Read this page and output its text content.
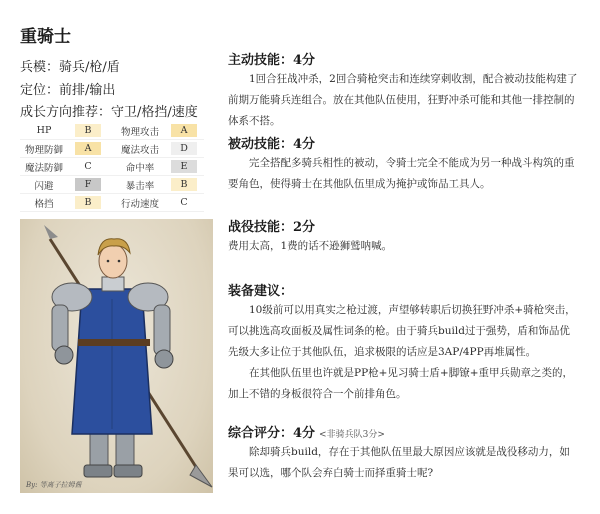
重骑士
兵模：骑兵/枪/盾
定位：前排/输出
成长方向推荐：守卫/格挡/速度
HP	B		物理攻击	A
物理防御	A		魔法攻击	D
魔法防御	C		命中率	E
闪避	F		暴击率	B
格挡	B		行动速度	C
By: 等离子拉姆酱
主动技能：4分
1回合狂战冲杀，2回合骑枪突击和连续穿刺收割，配合被动技能构建了前期万能骑兵连组合。放在其他队伍使用，狂野冲杀可能和其他一排控制的体系不搭。
被动技能：4分
完全搭配多骑兵相性的被动，令骑士完全不能成为另一种战斗构筑的重要角色，使得骑士在其他队伍里成为掩护或饰品工具人。
战役技能：2分
费用太高，1费的话不逊狮鹫呐喊。
装备建议：
10级前可以用真实之枪过渡，声望够转职后切换狂野冲杀+骑枪突击，可以挑选高攻面板及属性词条的枪。由于骑兵build过于强势，盾和饰品优先级大多让位于其他队伍，追求极限的话应是3AP/4PP再堆属性。
在其他队伍里也许就是PP枪+见习骑士盾+脚镣+重甲兵勋章之类的，加上不错的身板很符合一个前排角色。
综合评分：4分 <非骑兵队3分>
除却骑兵build，存在于其他队伍里最大原因应该就是战役移动力，如果可以选，哪个队会弃白骑士而择重骑士呢?
